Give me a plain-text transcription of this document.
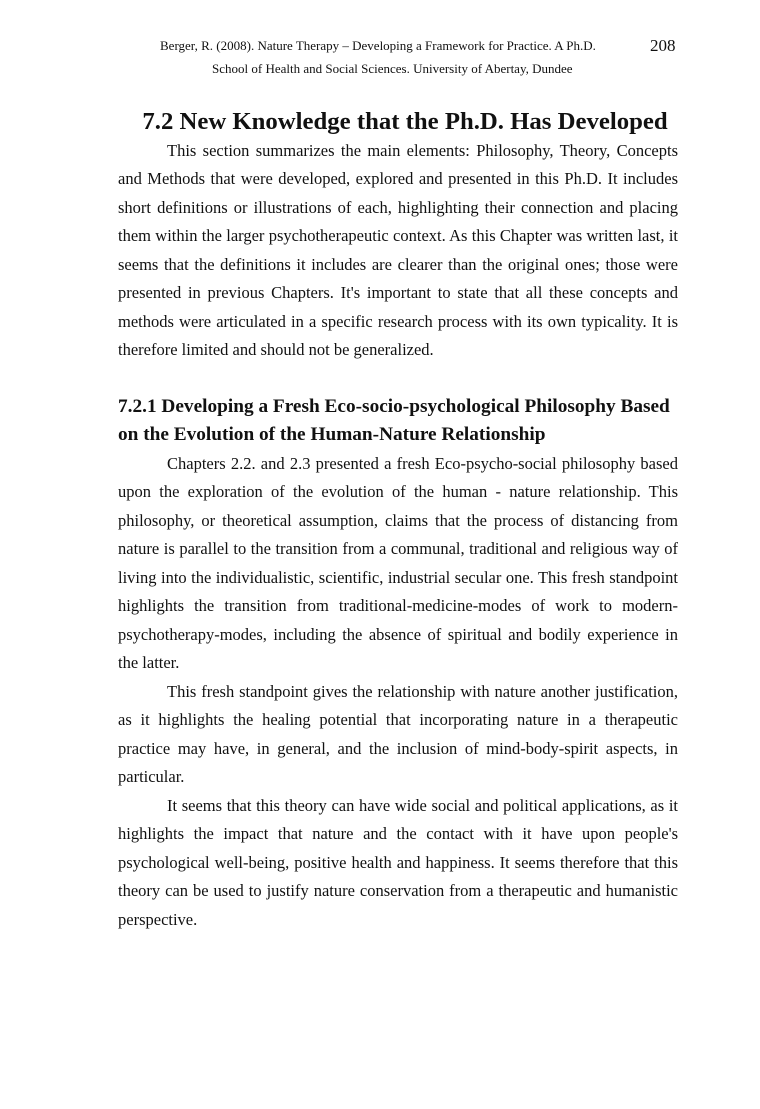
Berger, R. (2008). Nature Therapy – Developing a Framework for Practice. A Ph.D.	208
School of Health and Social Sciences. University of Abertay, Dundee
7.2 New Knowledge that the Ph.D. Has Developed

This section summarizes the main elements: Philosophy, Theory, Concepts and Methods that were developed, explored and presented in this Ph.D. It includes short definitions or illustrations of each, highlighting their connection and placing them within the larger psychotherapeutic context. As this Chapter was written last, it seems that the definitions it includes are clearer than the original ones; those were presented in previous Chapters. It's important to state that all these concepts and methods were articulated in a specific research process with its own typicality. It is therefore limited and should not be generalized.

7.2.1 Developing a Fresh Eco-socio-psychological Philosophy Based on the Evolution of the Human-Nature Relationship

Chapters 2.2. and 2.3 presented a fresh Eco-psycho-social philosophy based upon the exploration of the evolution of the human - nature relationship. This philosophy, or theoretical assumption, claims that the process of distancing from nature is parallel to the transition from a communal, traditional and religious way of living into the individualistic, scientific, industrial secular one. This fresh standpoint highlights the transition from traditional-medicine-modes of work to modern-psychotherapy-modes, including the absence of spiritual and bodily experience in the latter.

This fresh standpoint gives the relationship with nature another justification, as it highlights the healing potential that incorporating nature in a therapeutic practice may have, in general, and the inclusion of mind-body-spirit aspects, in particular.

It seems that this theory can have wide social and political applications, as it highlights the impact that nature and the contact with it have upon people's psychological well-being, positive health and happiness. It seems therefore that this theory can be used to justify nature conservation from a therapeutic and humanistic perspective.
